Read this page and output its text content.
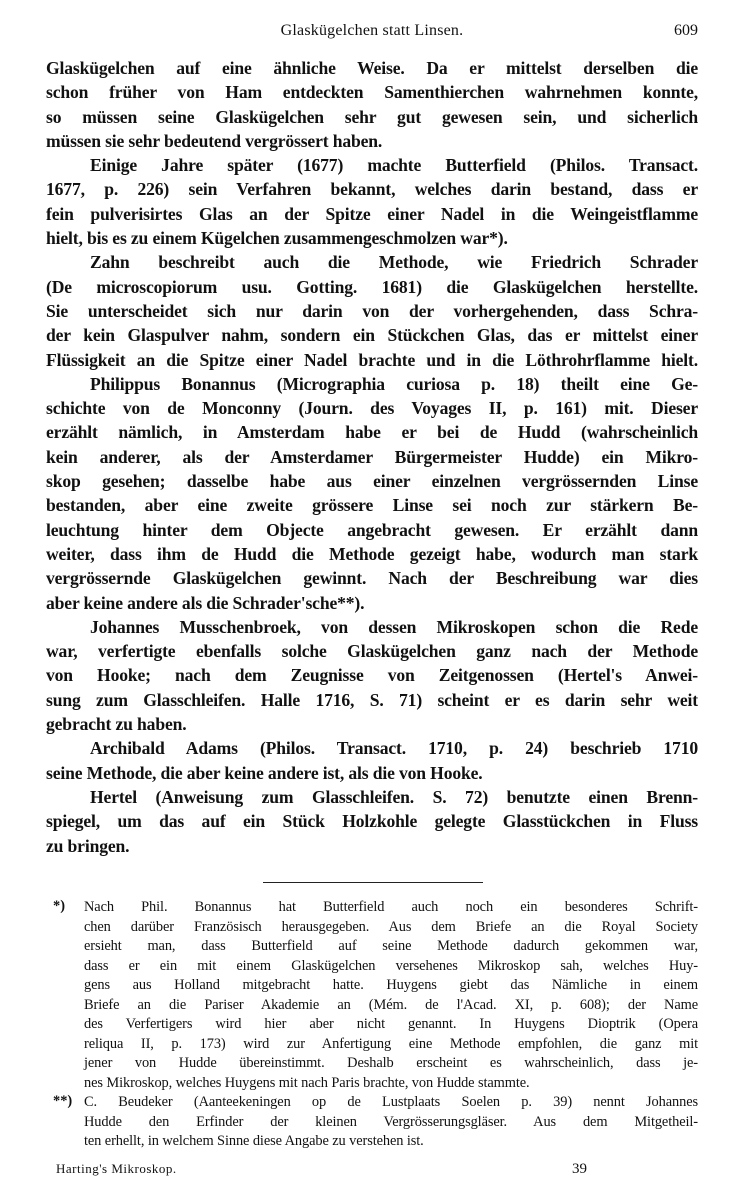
Glaskügelchen statt Linsen.	609
Glaskügelchen auf eine ähnliche Weise. Da er mittelst derselben die
schon früher von Ham entdeckten Samenthierchen wahrnehmen konnte,
so müssen seine Glaskügelchen sehr gut gewesen sein, und sicherlich
müssen sie sehr bedeutend vergrössert haben.
Einige Jahre später (1677) machte Butterfield (Philos. Transact.
1677, p. 226) sein Verfahren bekannt, welches darin bestand, dass er
fein pulverisirtes Glas an der Spitze einer Nadel in die Weingeistflamme
hielt, bis es zu einem Kügelchen zusammengeschmolzen war*).
Zahn beschreibt auch die Methode, wie Friedrich Schrader
(De microscopiorum usu. Gotting. 1681) die Glaskügelchen herstellte.
Sie unterscheidet sich nur darin von der vorhergehenden, dass Schra-
der kein Glaspulver nahm, sondern ein Stückchen Glas, das er mittelst einer
Flüssigkeit an die Spitze einer Nadel brachte und in die Löthrohrflamme hielt.
Philippus Bonannus (Micrographia curiosa p. 18) theilt eine Ge-
schichte von de Monconny (Journ. des Voyages II, p. 161) mit. Dieser
erzählt nämlich, in Amsterdam habe er bei de Hudd (wahrscheinlich
kein anderer, als der Amsterdamer Bürgermeister Hudde) ein Mikro-
skop gesehen; dasselbe habe aus einer einzelnen vergrössernden Linse
bestanden, aber eine zweite grössere Linse sei noch zur stärkern Be-
leuchtung hinter dem Objecte angebracht gewesen. Er erzählt dann
weiter, dass ihm de Hudd die Methode gezeigt habe, wodurch man stark
vergrössernde Glaskügelchen gewinnt. Nach der Beschreibung war dies
aber keine andere als die Schrader'sche**).
Johannes Musschenbroek, von dessen Mikroskopen schon die Rede
war, verfertigte ebenfalls solche Glaskügelchen ganz nach der Methode
von Hooke; nach dem Zeugnisse von Zeitgenossen (Hertel's Anwei-
sung zum Glasschleifen. Halle 1716, S. 71) scheint er es darin sehr weit
gebracht zu haben.
Archibald Adams (Philos. Transact. 1710, p. 24) beschrieb 1710
seine Methode, die aber keine andere ist, als die von Hooke.
Hertel (Anweisung zum Glasschleifen. S. 72) benutzte einen Brenn-
spiegel, um das auf ein Stück Holzkohle gelegte Glasstückchen in Fluss
zu bringen.
*) Nach Phil. Bonannus hat Butterfield auch noch ein besonderes Schrift-
chen darüber Französisch herausgegeben. Aus dem Briefe an die Royal Society
ersieht man, dass Butterfield auf seine Methode dadurch gekommen war,
dass er ein mit einem Glaskügelchen versehenes Mikroskop sah, welches Huy-
gens aus Holland mitgebracht hatte. Huygens giebt das Nämliche in einem
Briefe an die Pariser Akademie an (Mém. de l'Acad. XI, p. 608); der Name
des Verfertigers wird hier aber nicht genannt. In Huygens Dioptrik (Opera
reliqua II, p. 173) wird zur Anfertigung eine Methode empfohlen, die ganz mit
jener von Hudde übereinstimmt. Deshalb erscheint es wahrscheinlich, dass je-
nes Mikroskop, welches Huygens mit nach Paris brachte, von Hudde stammte.
**) C. Beudeker (Aanteekeningen op de Lustplaats Soelen p. 39) nennt Johannes
Hudde den Erfinder der kleinen Vergrösserungsgläser. Aus dem Mitgetheil-
ten erhellt, in welchem Sinne diese Angabe zu verstehen ist.
Harting's Mikroskop.	39
